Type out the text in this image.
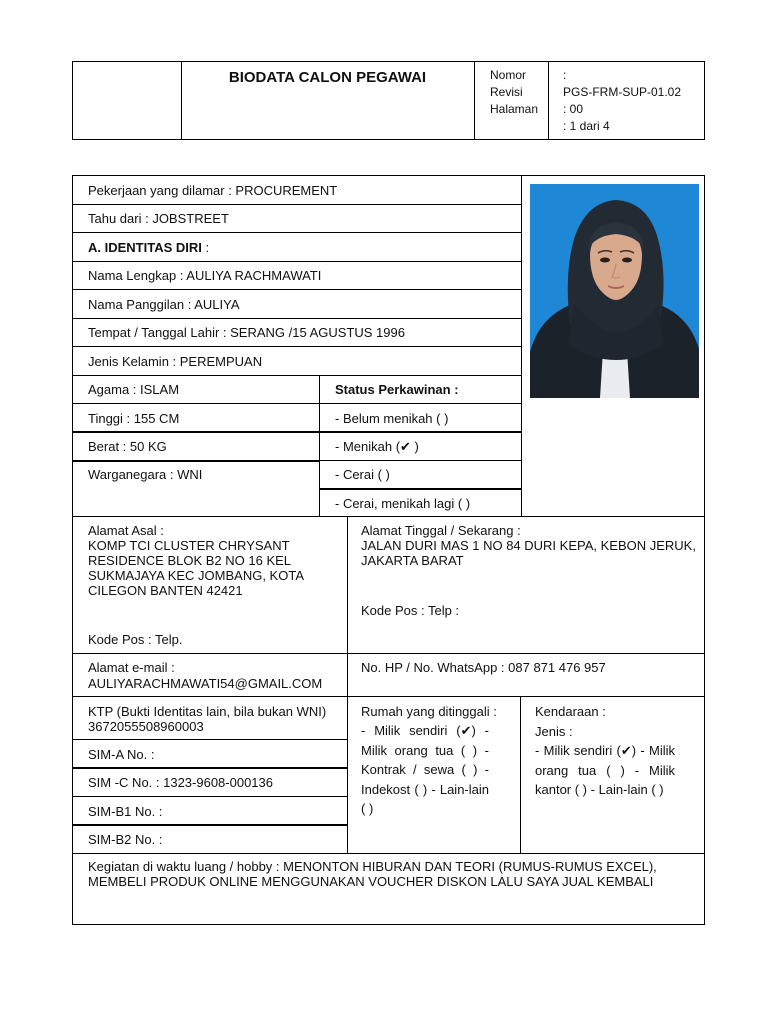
BIODATA CALON PEGAWAI	Nomor
Revisi
Halaman
:
PGS-FRM-SUP-01.02
: 00
: 1 dari 4
Pekerjaan yang dilamar : PROCUREMENT
Tahu dari : JOBSTREET
A. IDENTITAS DIRI :
Nama Lengkap : AULIYA RACHMAWATI
Nama Panggilan : AULIYA
Tempat / Tanggal Lahir : SERANG /15 AGUSTUS 1996
Jenis Kelamin : PEREMPUAN
Agama : ISLAM
Tinggi : 155 CM
Berat : 50 KG
Warganegara : WNI
Status Perkawinan :
- Belum menikah ( )
- Menikah (✔ )
- Cerai ( )
- Cerai, menikah lagi ( )
Alamat Asal :
KOMP TCI CLUSTER CHRYSANT RESIDENCE BLOK B2 NO 16 KEL SUKMAJAYA KEC JOMBANG, KOTA CILEGON BANTEN 42421
Kode Pos : Telp.
Alamat Tinggal / Sekarang :
JALAN DURI MAS 1 NO 84 DURI KEPA, KEBON JERUK, JAKARTA BARAT
Kode Pos : Telp :
Alamat e-mail :
AULIYARACHMAWATI54@GMAIL.COM
No. HP / No. WhatsApp : 087 871 476 957
KTP (Bukti Identitas lain, bila bukan WNI)
3672055508960003
SIM-A No. :
SIM -C No. : 1323-9608-000136
SIM-B1 No. :
SIM-B2 No. :
Rumah yang ditinggali :
- Milik sendiri (✔) - Milik orang tua ( ) - Kontrak / sewa ( ) - Indekost ( ) - Lain-lain ( )
Kendaraan :
Jenis :
- Milik sendiri (✔) - Milik orang tua ( ) - Milik kantor ( ) - Lain-lain ( )
Kegiatan di waktu luang / hobby : MENONTON HIBURAN DAN TEORI (RUMUS-RUMUS EXCEL),
MEMBELI PRODUK ONLINE MENGGUNAKAN VOUCHER DISKON LALU SAYA JUAL KEMBALI
